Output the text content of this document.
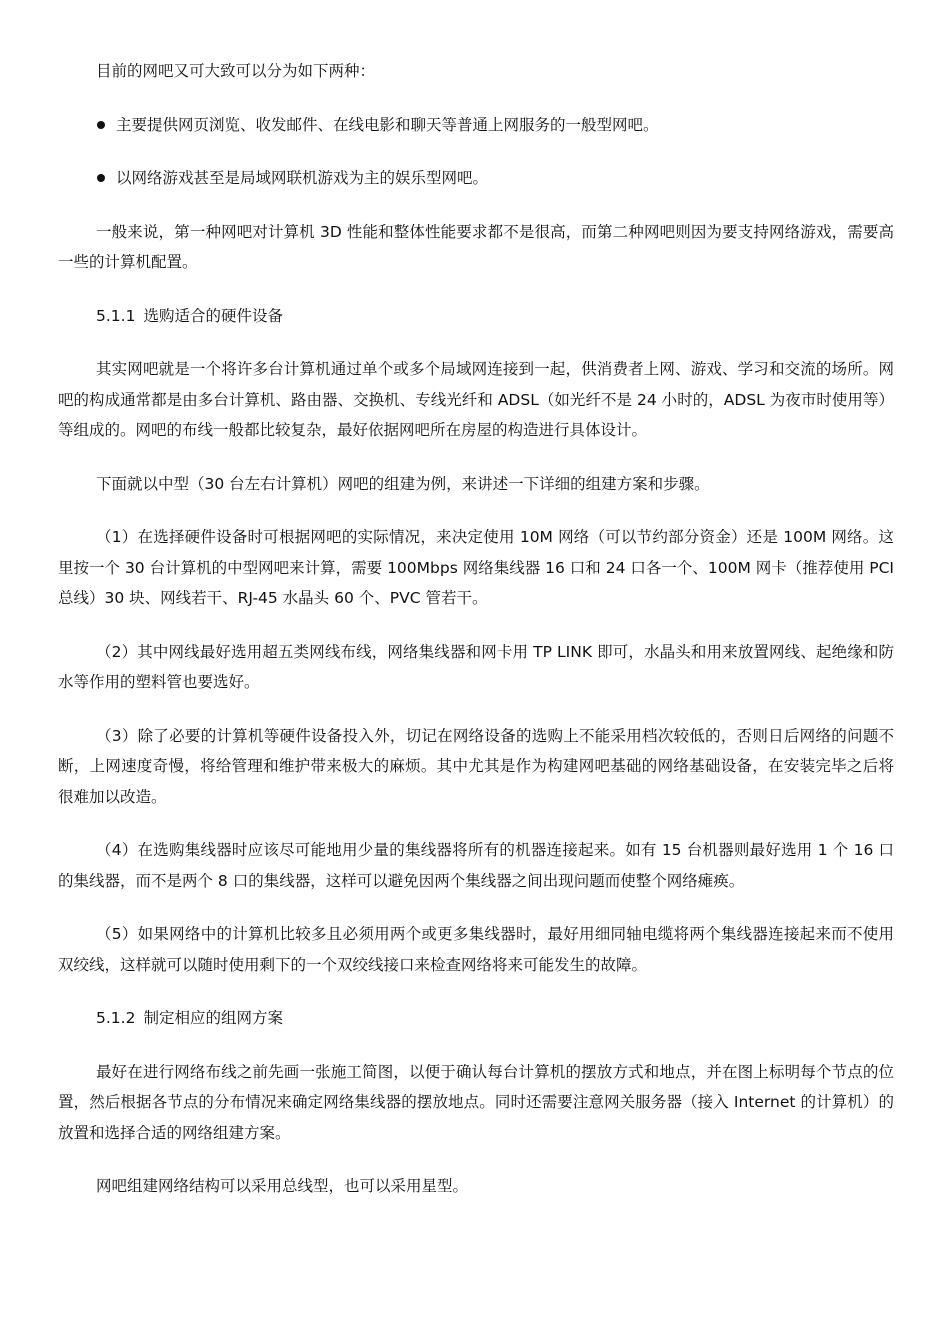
目前的网吧又可大致可以分为如下两种：

主要提供网页浏览、收发邮件、在线电影和聊天等普通上网服务的一般型网吧。
以网络游戏甚至是局域网联机游戏为主的娱乐型网吧。

一般来说，第一种网吧对计算机 3D 性能和整体性能要求都不是很高，而第二种网吧则因为要支持网络游戏，需要高一些的计算机配置。

5.1.1 选购适合的硬件设备

其实网吧就是一个将许多台计算机通过单个或多个局域网连接到一起，供消费者上网、游戏、学习和交流的场所。网吧的构成通常都是由多台计算机、路由器、交换机、专线光纤和 ADSL（如光纤不是 24 小时的，ADSL 为夜市时使用等）等组成的。网吧的布线一般都比较复杂，最好依据网吧所在房屋的构造进行具体设计。

下面就以中型（30 台左右计算机）网吧的组建为例，来讲述一下详细的组建方案和步骤。

（1）在选择硬件设备时可根据网吧的实际情况，来决定使用 10M 网络（可以节约部分资金）还是 100M 网络。这里按一个 30 台计算机的中型网吧来计算，需要 100Mbps 网络集线器 16 口和 24 口各一个、100M 网卡（推荐使用 PCI 总线）30 块、网线若干、RJ-45 水晶头 60 个、PVC 管若干。

（2）其中网线最好选用超五类网线布线，网络集线器和网卡用 TP LINK 即可，水晶头和用来放置网线、起绝缘和防水等作用的塑料管也要选好。

（3）除了必要的计算机等硬件设备投入外，切记在网络设备的选购上不能采用档次较低的，否则日后网络的问题不断，上网速度奇慢，将给管理和维护带来极大的麻烦。其中尤其是作为构建网吧基础的网络基础设备，在安装完毕之后将很难加以改造。

（4）在选购集线器时应该尽可能地用少量的集线器将所有的机器连接起来。如有 15 台机器则最好选用 1 个 16 口的集线器，而不是两个 8 口的集线器，这样可以避免因两个集线器之间出现问题而使整个网络瘫痪。

（5）如果网络中的计算机比较多且必须用两个或更多集线器时，最好用细同轴电缆将两个集线器连接起来而不使用双绞线，这样就可以随时使用剩下的一个双绞线接口来检查网络将来可能发生的故障。

5.1.2 制定相应的组网方案

最好在进行网络布线之前先画一张施工简图，以便于确认每台计算机的摆放方式和地点，并在图上标明每个节点的位置，然后根据各节点的分布情况来确定网络集线器的摆放地点。同时还需要注意网关服务器（接入 Internet 的计算机）的放置和选择合适的网络组建方案。

网吧组建网络结构可以采用总线型，也可以采用星型。
